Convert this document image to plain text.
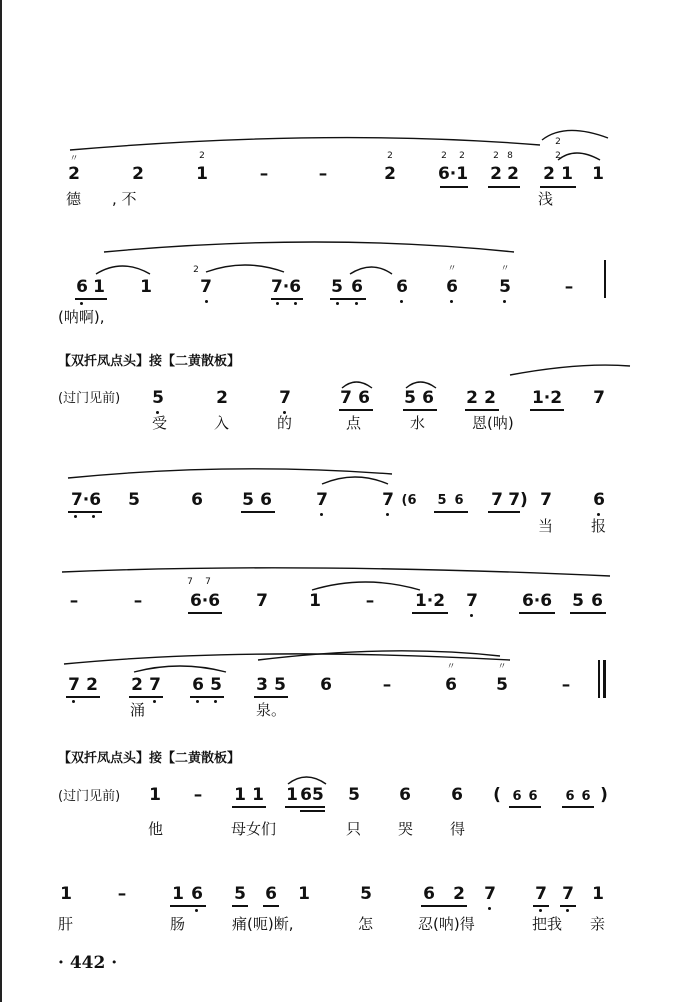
〃
2	2
2
1	–	–
2
2
2 2
6·1
2 8
2 2
2
2
2 1 1
德 , 不	浅
6 1 1
2
7	7·6 5 6 6
〃
6
〃
5	–
(呐啊),
【双扦凤点头】接【二黄散板】
(过门见前) 5	2	7	7 6 5 6 2 2 1·2 7
受	入	的	点	水	恩(呐)
7·6 5	6 5 6	7	7 (6 5 6 7 7) 7 6
当	报
–	–
7 7
6·6 7 1	– 1·2 7	6·6 5 6
7 2 2 7 6 5 3 5 6	–
〃
6
〃
5	–
涌	泉。
【双扦凤点头】接【二黄散板】
(过门见前) 1 – 1 1 1 65 5 6 6 ( 6 6 6 6 )
他	母女们	只 哭 得
1	–	1 6 5 6 1	5	6 2 7 7 7 1
肝	肠	痛(呃)断,	怎	忍(呐)得	把我 亲
· 442 ·
